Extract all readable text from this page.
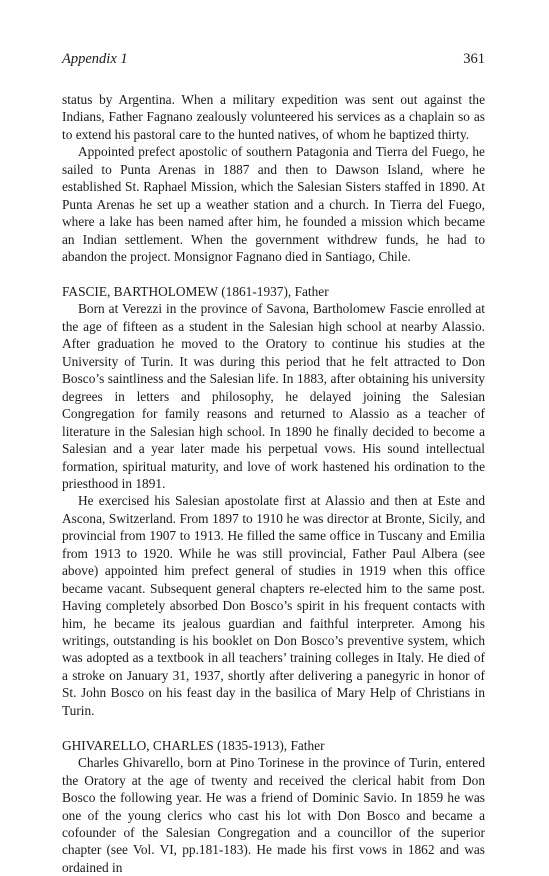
Appendix 1	361

status by Argentina. When a military expedition was sent out against the Indians, Father Fagnano zealously volunteered his services as a chaplain so as to extend his pastoral care to the hunted natives, of whom he baptized thirty.

Appointed prefect apostolic of southern Patagonia and Tierra del Fuego, he sailed to Punta Arenas in 1887 and then to Dawson Island, where he established St. Raphael Mission, which the Salesian Sisters staffed in 1890. At Punta Arenas he set up a weather station and a church. In Tierra del Fuego, where a lake has been named after him, he founded a mission which became an Indian settlement. When the government withdrew funds, he had to abandon the project. Monsignor Fagnano died in Santiago, Chile.

FASCIE, BARTHOLOMEW (1861-1937), Father

Born at Verezzi in the province of Savona, Bartholomew Fascie enrolled at the age of fifteen as a student in the Salesian high school at nearby Alassio. After graduation he moved to the Oratory to continue his studies at the University of Turin. It was during this period that he felt attracted to Don Bosco’s saintliness and the Salesian life. In 1883, after obtaining his university degrees in letters and philosophy, he delayed joining the Salesian Congregation for family reasons and returned to Alassio as a teacher of literature in the Salesian high school. In 1890 he finally decided to become a Salesian and a year later made his perpetual vows. His sound intellectual formation, spiritual maturity, and love of work hastened his ordination to the priesthood in 1891.

He exercised his Salesian apostolate first at Alassio and then at Este and Ascona, Switzerland. From 1897 to 1910 he was director at Bronte, Sicily, and provincial from 1907 to 1913. He filled the same office in Tuscany and Emilia from 1913 to 1920. While he was still provincial, Father Paul Albera (see above) appointed him prefect general of studies in 1919 when this office became vacant. Subsequent general chapters re-elected him to the same post. Having completely absorbed Don Bosco’s spirit in his frequent contacts with him, he became its jealous guardian and faithful interpreter. Among his writings, outstanding is his booklet on Don Bosco’s preventive system, which was adopted as a textbook in all teachers’ training colleges in Italy. He died of a stroke on January 31, 1937, shortly after delivering a panegyric in honor of St. John Bosco on his feast day in the basilica of Mary Help of Christians in Turin.

GHIVARELLO, CHARLES (1835-1913), Father

Charles Ghivarello, born at Pino Torinese in the province of Turin, entered the Oratory at the age of twenty and received the clerical habit from Don Bosco the following year. He was a friend of Dominic Savio. In 1859 he was one of the young clerics who cast his lot with Don Bosco and became a cofounder of the Salesian Congregation and a councillor of the superior chapter (see Vol. VI, pp.181-183). He made his first vows in 1862 and was ordained in
